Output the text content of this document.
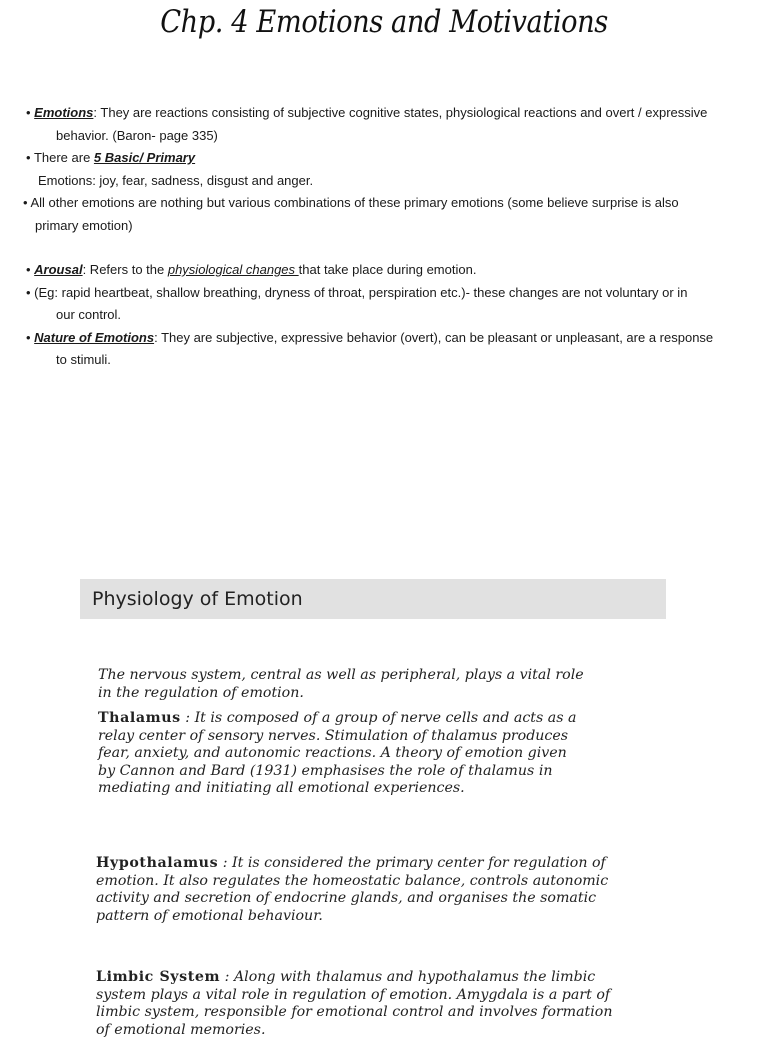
Chp. 4 Emotions and Motivations

• Emotions: They are reactions consisting of subjective cognitive states, physiological reactions and overt / expressive

behavior. (Baron- page 335)

• There are 5 Basic/ Primary

Emotions: joy, fear, sadness, disgust and anger.

• All other emotions are nothing but various combinations of these primary emotions (some believe surprise is also

primary emotion)

• Arousal: Refers to the physiological changes that take place during emotion.

• (Eg: rapid heartbeat, shallow breathing, dryness of throat, perspiration etc.)- these changes are not voluntary or in

our control.

• Nature of Emotions: They are subjective, expressive behavior (overt), can be pleasant or unpleasant, are a response

to stimuli.

Physiology of Emotion

The nervous system, central as well as peripheral, plays a vital role in the regulation of emotion.

Thalamus : It is composed of a group of nerve cells and acts as a relay center of sensory nerves. Stimulation of thalamus produces fear, anxiety, and autonomic reactions. A theory of emotion given by Cannon and Bard (1931) emphasises the role of thalamus in mediating and initiating all emotional experiences.

Hypothalamus : It is considered the primary center for regulation of emotion. It also regulates the homeostatic balance, controls autonomic activity and secretion of endocrine glands, and organises the somatic pattern of emotional behaviour.

Limbic System : Along with thalamus and hypothalamus the limbic system plays a vital role in regulation of emotion. Amygdala is a part of limbic system, responsible for emotional control and involves formation of emotional memories.
